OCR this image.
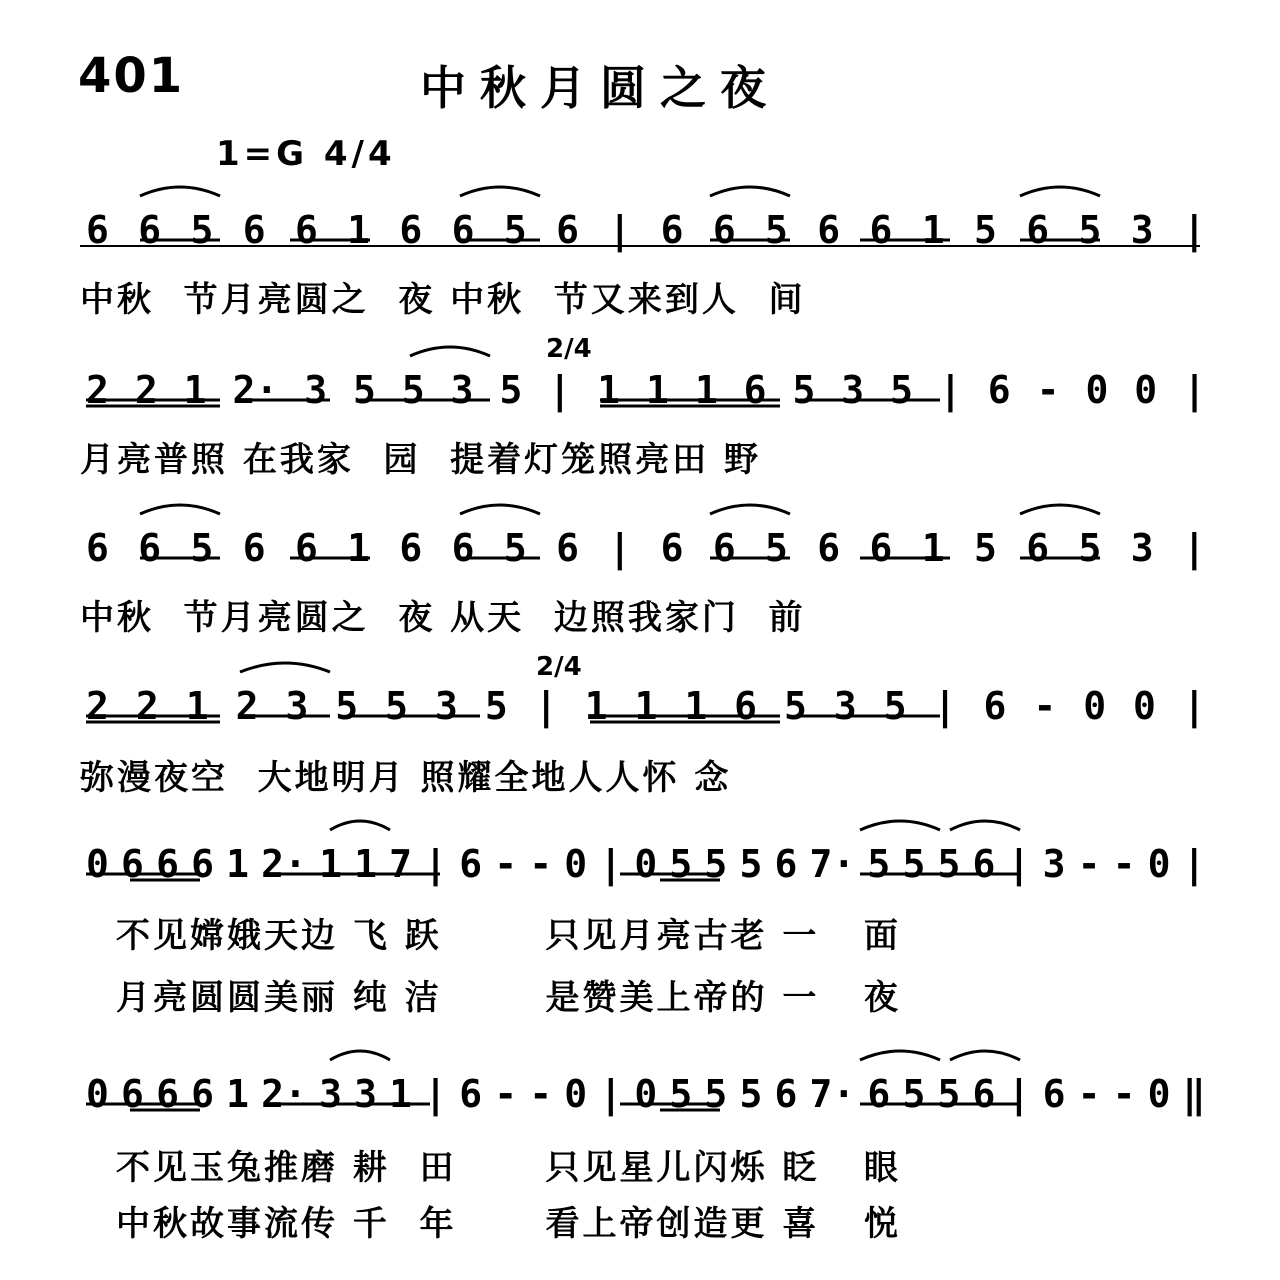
401	中秋月圆之夜
1=G 4/4
6 6 5 6 6 1 6 6 5 6 | 6 6 5 6 6 1 5 6 5 3 |
中秋  节月亮圆之  夜 中秋  节又来到人  间
2 2 1 2· 3 5 5 3 5 | 1 1 1 6 5 3 5 | 6 - 0 0 |
月亮普照 在我家  园  提着灯笼照亮田 野
6 6 5 6 6 1 6 6 5 6 | 6 6 5 6 6 1 5 6 5 3 |
中秋  节月亮圆之  夜 从天  边照我家门  前
2 2 1 2 3 5 5 3 5 | 1 1 1 6 5 3 5 | 6 - 0 0 |
弥漫夜空  大地明月 照耀全地人人怀 念
0 6 6 6 1 2· 1 1 7 | 6 - - 0 | 0 5 5 5 6 7· 5 5 5 6 | 3 - - 0 |
不见嫦娥天边 飞 跃       只见月亮古老 一   面
月亮圆圆美丽 纯 洁       是赞美上帝的 一   夜
0 6 6 6 1 2· 3 3 1 | 6 - - 0 | 0 5 5 5 6 7· 6 5 5 6 | 6 - - 0 ‖
不见玉兔推磨 耕  田      只见星儿闪烁 眨   眼
中秋故事流传 千  年      看上帝创造更 喜   悦
2/4
2/4
